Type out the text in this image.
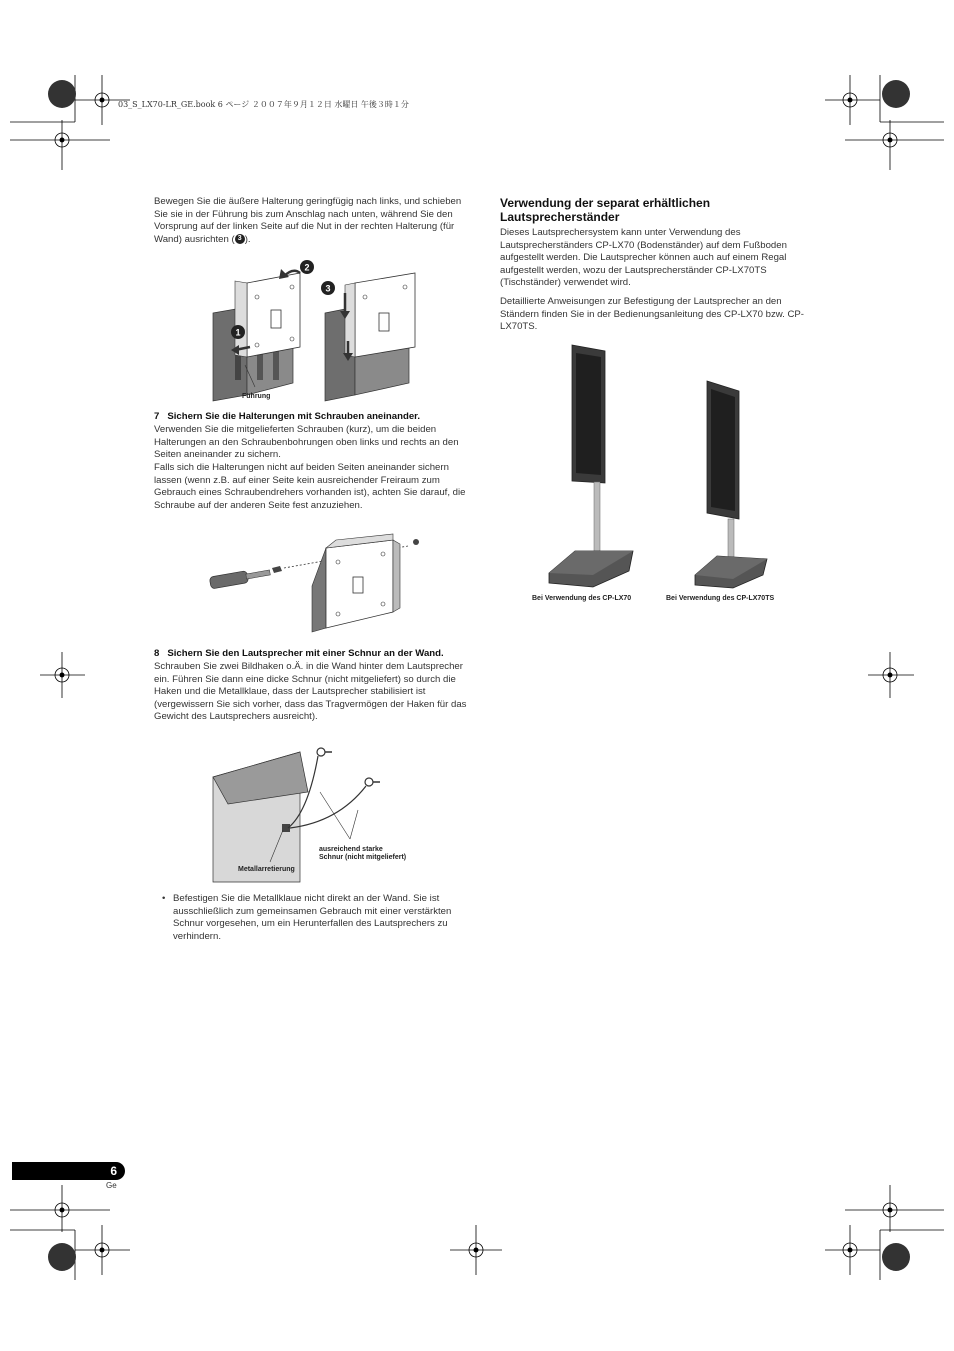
03_S_LX70-LR_GE.book 6 ページ ２００７年９月１２日 水曜日 午後３時１分
Bewegen Sie die äußere Halterung geringfügig nach links, und schieben Sie sie in der Führung bis zum Anschlag nach unten, während Sie den Vorsprung auf der linken Seite auf die Nut in der rechten Halterung (für Wand) ausrichten ( 3 ).
2
1
Führung
3
7 Sichern Sie die Halterungen mit Schrauben aneinander.
Verwenden Sie die mitgelieferten Schrauben (kurz), um die beiden Halterungen an den Schraubenbohrungen oben links und rechts an den Seiten aneinander zu sichern.
Falls sich die Halterungen nicht auf beiden Seiten aneinander sichern lassen (wenn z.B. auf einer Seite kein ausreichender Freiraum zum Gebrauch eines Schraubendrehers vorhanden ist), achten Sie darauf, die Schraube auf der anderen Seite fest anzuziehen.
8 Sichern Sie den Lautsprecher mit einer Schnur an der Wand.
Schrauben Sie zwei Bildhaken o.Ä. in die Wand hinter dem Lautsprecher ein. Führen Sie dann eine dicke Schnur (nicht mitgeliefert) so durch die Haken und die Metallklaue, dass der Lautsprecher stabilisiert ist (vergewissern Sie sich vorher, dass das Tragvermögen der Haken für das Gewicht des Lautsprechers ausreicht).
Metallarretierung
ausreichend starke
Schnur (nicht mitgeliefert)
• Befestigen Sie die Metallklaue nicht direkt an der Wand. Sie ist ausschließlich zum gemeinsamen Gebrauch mit einer verstärkten Schnur vorgesehen, um ein Herunterfallen des Lautsprechers zu verhindern.
Verwendung der separat erhältlichen
Lautsprecherständer
Dieses Lautsprechersystem kann unter Verwendung des Lautsprecherständers CP-LX70 (Bodenständer) auf dem Fußboden aufgestellt werden. Die Lautsprecher können auch auf einem Regal aufgestellt werden, wozu der Lautsprecherständer CP-LX70TS (Tischständer) verwendet wird.
Detaillierte Anweisungen zur Befestigung der Lautsprecher an den Ständern finden Sie in der Bedienungsanleitung des CP-LX70 bzw. CP-LX70TS.
Bei Verwendung des CP-LX70	Bei Verwendung des CP-LX70TS
6
Ge
